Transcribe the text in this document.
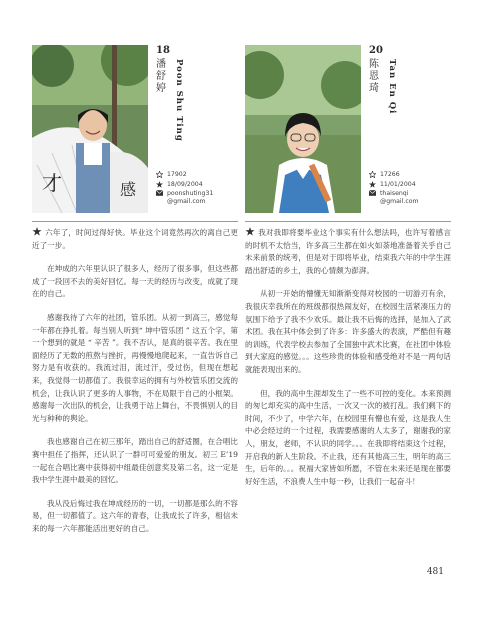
才	感
18
潘舒婷 Poon Shu Ting
17902
18/09/2004
poonshuting31
@gmail.com

六年了，时间过得好快。毕业这个词竟然再次的离自己更近了一步。

在坤成的六年里认识了很多人，经历了很多事，但这些都成了一段回不去的美好回忆。每一天的经历与改变，成就了现在的自己。

感谢我待了六年的社团，管乐团。从初一到高三，感觉每一年都在挣扎着。每当别人听到“ 坤中管乐团 ” 这五个字，第一个想到的就是 “ 辛苦 ”。我不否认，是真的很辛苦。我在里面经历了无数的煎熬与挫折，再慢慢地爬起来，一直告诉自己努力是有收获的。我流过泪，流过汗，受过伤，但现在想起来，我觉得一切都值了。我很幸运的拥有与外校管乐团交流的机会，让我认识了更多的人事物，不在局限于自己的小框架。感谢每一次出队的机会，让我勇于站上舞台，不畏惧别人的目光与种种的舆论。

我也感谢自己在初三那年，踏出自己的舒适圈，在合唱比赛中担任了指挥，还认识了一群可可爱爱的朋友。初三 E’19 一起在合唱比赛中获得初中组最佳创意奖及第二名，这一定是我中学生涯中最美的回忆。

我从没后悔过我在坤成经历的一切，一切都是那么的不容易，但一切都值了。这六年的青春，让我成长了许多，相信未来的每一六年都能活出更好的自己。

20
陈恩琦 Tan En Qi
17266
11/01/2004
thaisenqi
@gmail.com

我对我即将要毕业这个事实有什么想法吗，也许写着感言的时机不太恰当，许多高三生都在如火如荼地准备着关乎自己未来前景的统考，但是对于即将毕业，结束我六年的中学生涯踏出舒适的乡土，我的心情颇为澎湃。

从初一开始的懵懂无知渐渐变得对校园的一切游刃有余，我很庆幸我所在的班级都很热闹友好，在校园生活紧凑压力的氛围下给予了我不少欢乐。最让我不后悔的选择，是加入了武术团。我在其中体会到了许多：许多盛大的表演，严酷但有趣的训练，代表学校去参加了全国独中武术比赛，在社团中体验到大家庭的感觉。。。这些珍贵的体验和感受绝对不是一两句话就能表现出来的。

但，我的高中生涯却发生了一些不可控的变化。本来预测的匆匕却充实的高中生活，一次又一次的被打乱。我们剩下的时间，不少了，中学六年，在校园里有懵也有爱，这是我人生中必会经过的一个过程，我需要感谢的人太多了，谢谢我的家人，朋友，老师，不认识的同学。。。在我即将结束这个过程，开启我的新人生阶段。不止我，还有其他高三生，明年的高三生，后年的。。。祝福大家皆如所愿，不管在未来还是现在都要好好生活，不浪费人生中每一秒，让我们一起奋斗！

481
